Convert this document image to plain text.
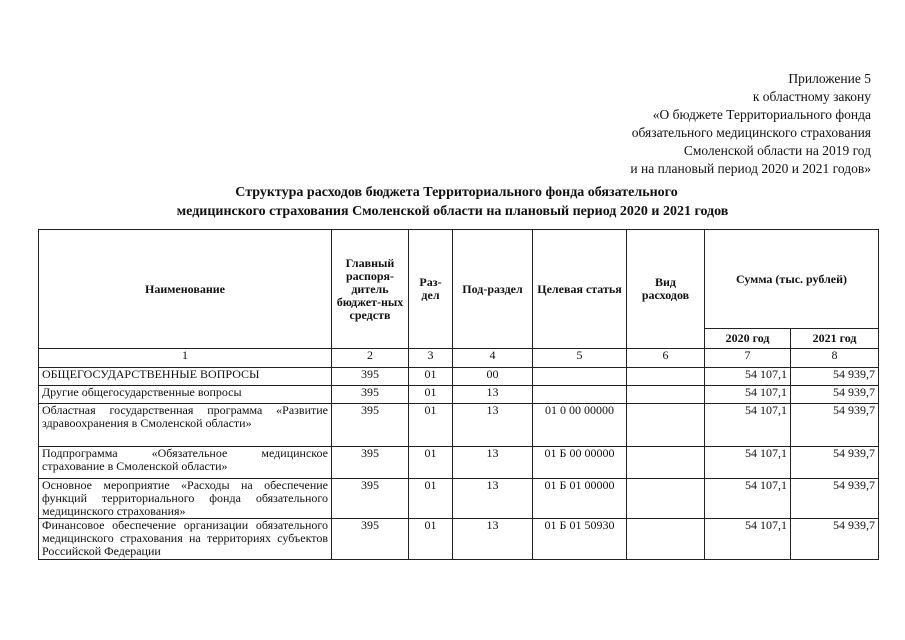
Приложение 5
к областному закону
«О бюджете Территориального фонда
обязательного медицинского страхования
Смоленской области на 2019 год
и на плановый период 2020 и 2021 годов»
Структура расходов бюджета Территориального фонда обязательного
медицинского страхования Смоленской области на плановый период 2020 и 2021 годов
Наименование	Главный распоря-дитель бюджет-ных средств	Раз-дел	Под-раздел	Целевая статья	Вид расходов	Сумма (тыс. рублей)	
						2020 год	2021 год
1	2	3	4	5	6	7	8
ОБЩЕГОСУДАРСТВЕННЫЕ ВОПРОСЫ	395	01	00			54 107,1	54 939,7
Другие общегосударственные вопросы	395	01	13			54 107,1	54 939,7
Областная государственная программа «Развитие здравоохранения в Смоленской области»	395	01	13	01 0 00 00000		54 107,1	54 939,7
Подпрограмма «Обязательное медицинское страхование в Смоленской области»	395	01	13	01 Б 00 00000		54 107,1	54 939,7
Основное мероприятие «Расходы на обеспечение функций территориального фонда обязательного медицинского страхования»	395	01	13	01 Б 01 00000		54 107,1	54 939,7
Финансовое обеспечение организации обязательного медицинского страхования на территориях субъектов Российской Федерации	395	01	13	01 Б 01 50930		54 107,1	54 939,7
